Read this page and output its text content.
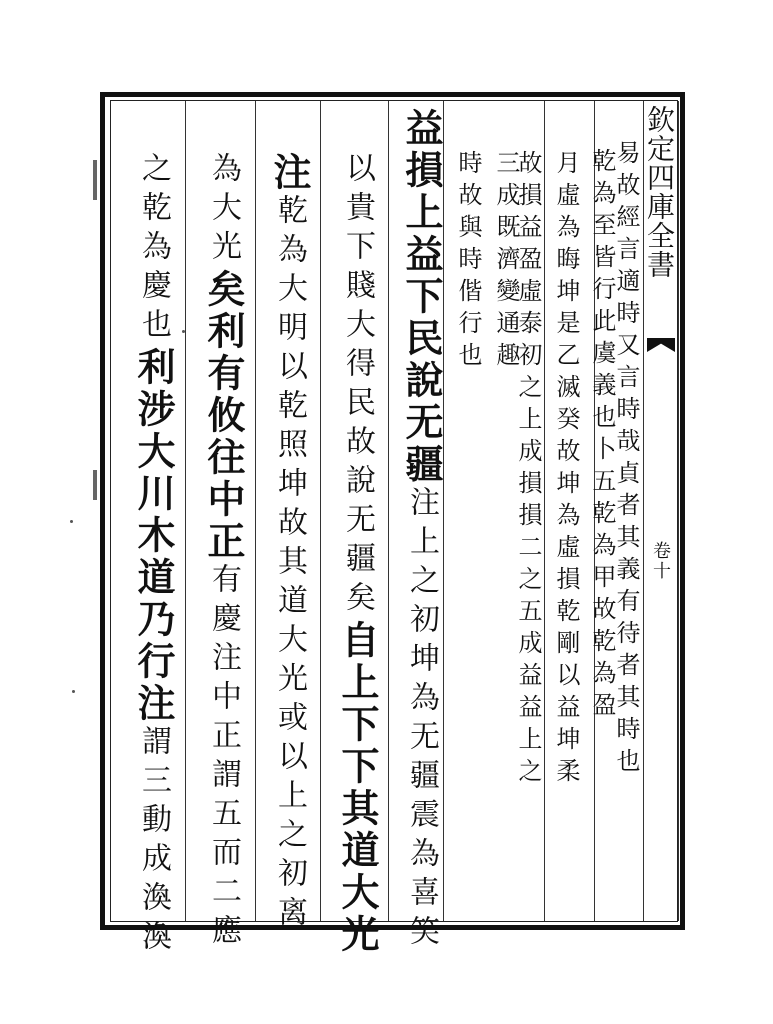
欽定四庫全書
卷十
易故經言適時又言時哉貞者其義有待者其時也
乾為至皆行此虞義也卜五乾為甲故乾為盈
月虛為晦坤是乙滅癸故坤為虛損乾剛以益坤柔
故損益盈虛泰初之上成損損二之五成益益上之
益損上益下民說无疆注上之初坤為无疆震為喜笑
以貴下賤大得民故說无疆矣自上下下其道大光
注乾為大明以乾照坤故其道大光或以上之初离
為大光矣利有攸往中正有慶注中正謂五而二應
之乾為慶也利涉大川木道乃行注謂三動成渙渙
三成既濟變通趣
時故與時偕行也
